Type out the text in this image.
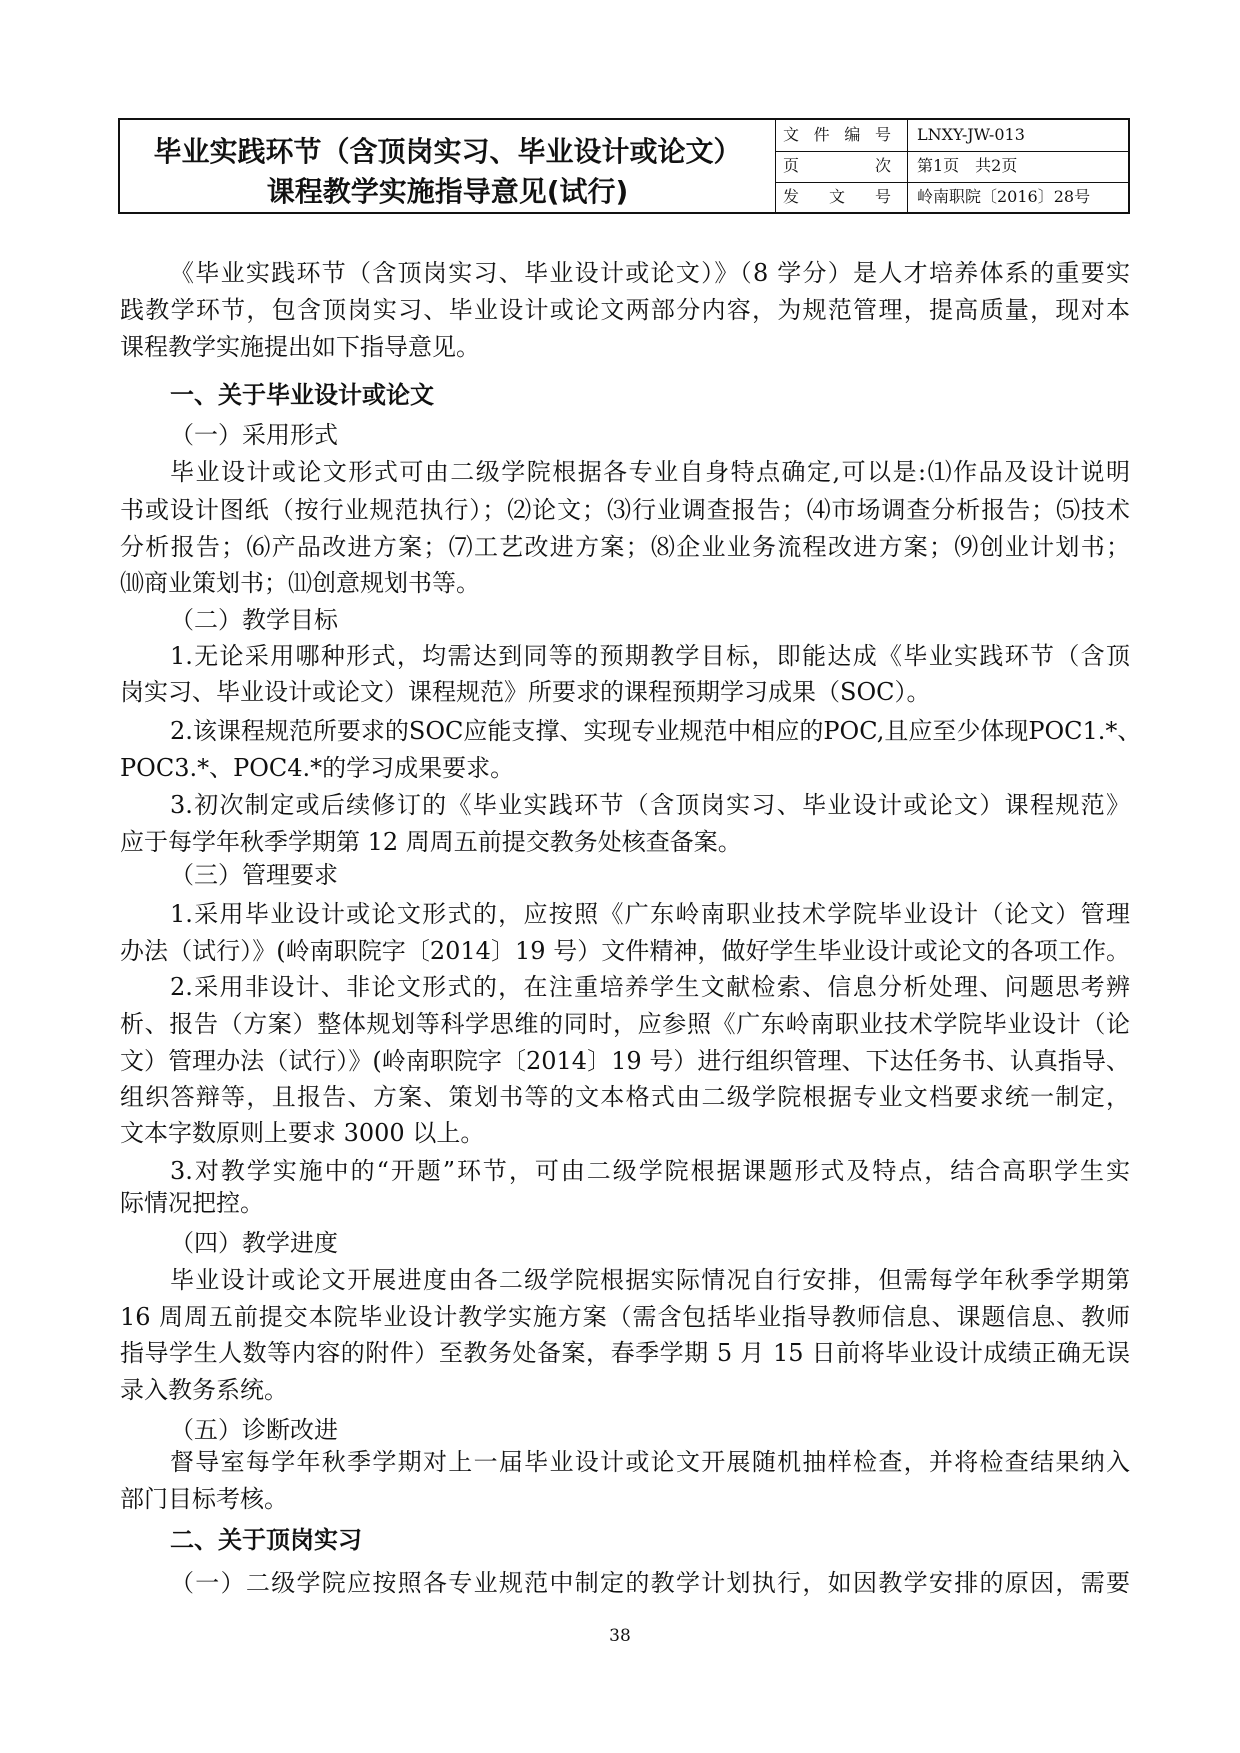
毕业实践环节（含顶岗实习、毕业设计或论文）
课程教学实施指导意见(试行)
文件编号 LNXY-JW-013
页次 第1页　共2页
发文号 岭南职院〔2016〕28号
《毕业实践环节（含顶岗实习、毕业设计或论文）》（8 学分）是人才培养体系的重要实
践教学环节，包含顶岗实习、毕业设计或论文两部分内容，为规范管理，提高质量，现对本
课程教学实施提出如下指导意见。
一、关于毕业设计或论文
（一）采用形式
毕业设计或论文形式可由二级学院根据各专业自身特点确定,可以是:⑴作品及设计说明
书或设计图纸（按行业规范执行）；⑵论文；⑶行业调查报告；⑷市场调查分析报告；⑸技术
分析报告；⑹产品改进方案；⑺工艺改进方案；⑻企业业务流程改进方案；⑼创业计划书；
⑽商业策划书；⑾创意规划书等。
（二）教学目标
1.无论采用哪种形式，均需达到同等的预期教学目标，即能达成《毕业实践环节（含顶
岗实习、毕业设计或论文）课程规范》所要求的课程预期学习成果（SOC）。
2.该课程规范所要求的SOC应能支撑、实现专业规范中相应的POC,且应至少体现POC1.*、
POC3.*、POC4.*的学习成果要求。
3.初次制定或后续修订的《毕业实践环节（含顶岗实习、毕业设计或论文）课程规范》
应于每学年秋季学期第 12 周周五前提交教务处核查备案。
（三）管理要求
1.采用毕业设计或论文形式的，应按照《广东岭南职业技术学院毕业设计（论文）管理
办法（试行）》(岭南职院字〔2014〕19 号）文件精神，做好学生毕业设计或论文的各项工作。
2.采用非设计、非论文形式的，在注重培养学生文献检索、信息分析处理、问题思考辨
析、报告（方案）整体规划等科学思维的同时，应参照《广东岭南职业技术学院毕业设计（论
文）管理办法（试行）》(岭南职院字〔2014〕19 号）进行组织管理、下达任务书、认真指导、
组织答辩等，且报告、方案、策划书等的文本格式由二级学院根据专业文档要求统一制定，
文本字数原则上要求 3000 以上。
3.对教学实施中的“开题”环节，可由二级学院根据课题形式及特点，结合高职学生实
际情况把控。
（四）教学进度
毕业设计或论文开展进度由各二级学院根据实际情况自行安排，但需每学年秋季学期第
16 周周五前提交本院毕业设计教学实施方案（需含包括毕业指导教师信息、课题信息、教师
指导学生人数等内容的附件）至教务处备案，春季学期 5 月 15 日前将毕业设计成绩正确无误
录入教务系统。
（五）诊断改进
督导室每学年秋季学期对上一届毕业设计或论文开展随机抽样检查，并将检查结果纳入
部门目标考核。
二、关于顶岗实习
（一）二级学院应按照各专业规范中制定的教学计划执行，如因教学安排的原因，需要
38
